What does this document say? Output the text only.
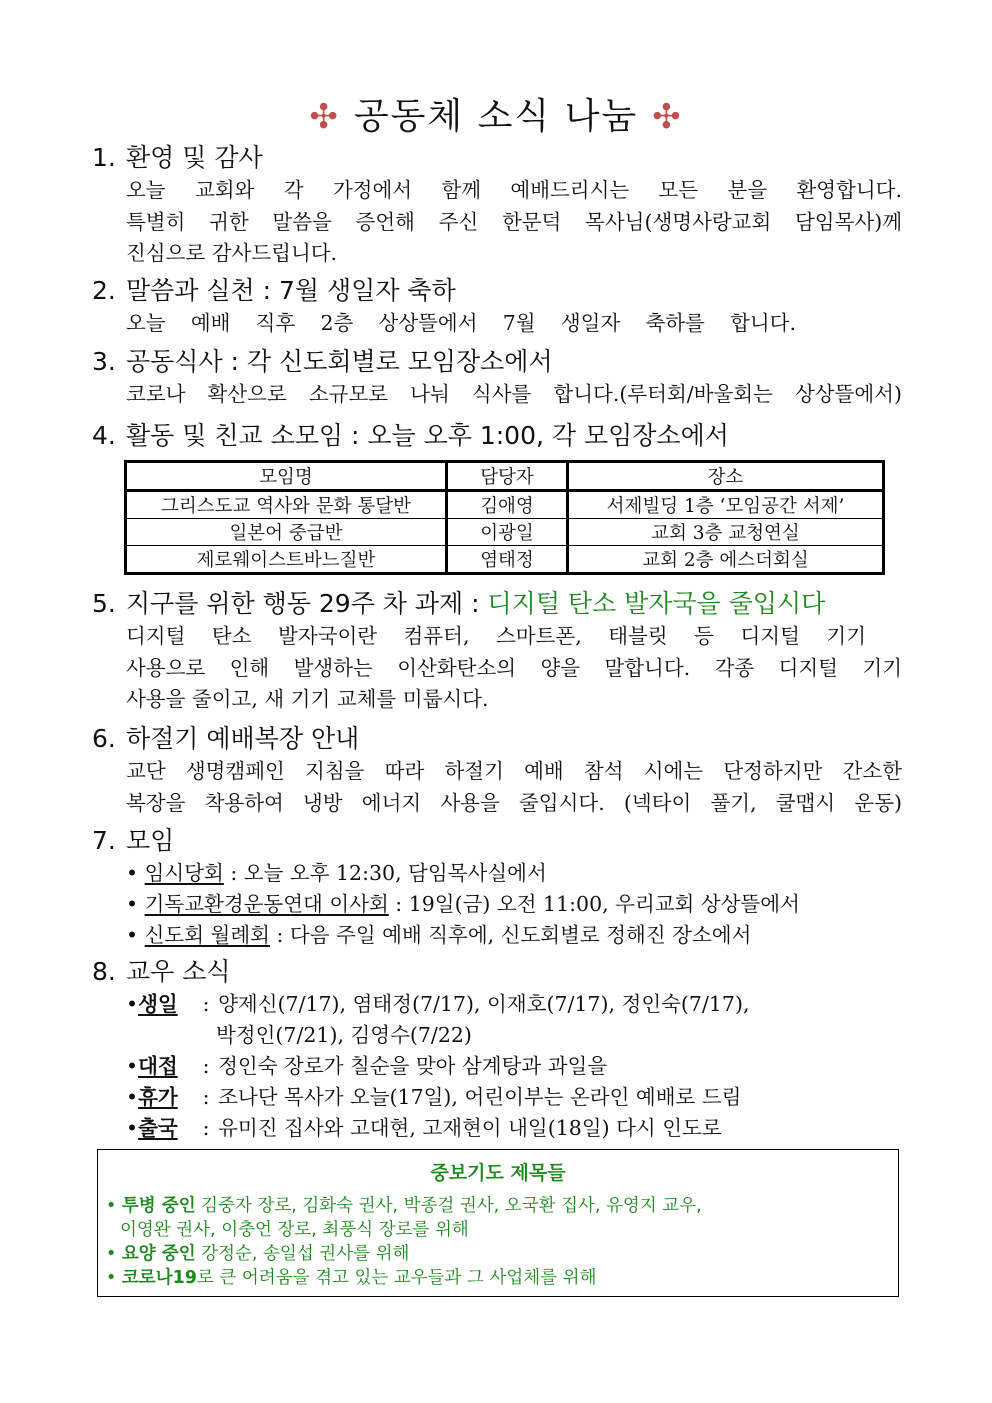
✣ 공동체 소식 나눔 ✣
1. 환영 및 감사
오늘 교회와 각 가정에서 함께 예배드리시는 모든 분을 환영합니다.
특별히 귀한 말씀을 증언해 주신 한문덕 목사님(생명사랑교회 담임목사)께
진심으로 감사드립니다.
2. 말씀과 실천 : 7월 생일자 축하
오늘 예배 직후 2층 상상뜰에서 7월 생일자 축하를 합니다.
3. 공동식사 : 각 신도회별로 모임장소에서
코로나 확산으로 소규모로 나눠 식사를 합니다.(루터회/바울회는 상상뜰에서)
4. 활동 및 친교 소모임 : 오늘 오후 1:00, 각 모임장소에서
모임명	담당자	장소
그리스도교 역사와 문화 통달반	김애영	서제빌딩 1층 ‘모임공간 서제’
일본어 중급반	이광일	교회 3층 교청연실
제로웨이스트바느질반	염태정	교회 2층 에스더회실
5. 지구를 위한 행동 29주 차 과제 : 디지털 탄소 발자국을 줄입시다
디지털 탄소 발자국이란 컴퓨터, 스마트폰, 태블릿 등 디지털 기기
사용으로 인해 발생하는 이산화탄소의 양을 말합니다. 각종 디지털 기기
사용을 줄이고, 새 기기 교체를 미룹시다.
6. 하절기 예배복장 안내
교단 생명캠페인 지침을 따라 하절기 예배 참석 시에는 단정하지만 간소한
복장을 착용하여 냉방 에너지 사용을 줄입시다. (넥타이 풀기, 쿨맵시 운동)
7. 모임
• 임시당회 : 오늘 오후 12:30, 담임목사실에서
• 기독교환경운동연대 이사회 : 19일(금) 오전 11:00, 우리교회 상상뜰에서
• 신도회 월례회 : 다음 주일 예배 직후에, 신도회별로 정해진 장소에서
8. 교우 소식
•생일 : 양제신(7/17), 염태정(7/17), 이재호(7/17), 정인숙(7/17),
박정인(7/21), 김영수(7/22)
•대접 : 정인숙 장로가 칠순을 맞아 삼계탕과 과일을
•휴가 : 조나단 목사가 오늘(17일), 어린이부는 온라인 예배로 드림
•출국 : 유미진 집사와 고대현, 고재현이 내일(18일) 다시 인도로
중보기도 제목들
• 투병 중인 김중자 장로, 김화숙 권사, 박종걸 권사, 오국환 집사, 유영지 교우,
이영완 권사, 이충언 장로, 최풍식 장로를 위해
• 요양 중인 강정순, 송일섭 권사를 위해
• 코로나19로 큰 어려움을 겪고 있는 교우들과 그 사업체를 위해
